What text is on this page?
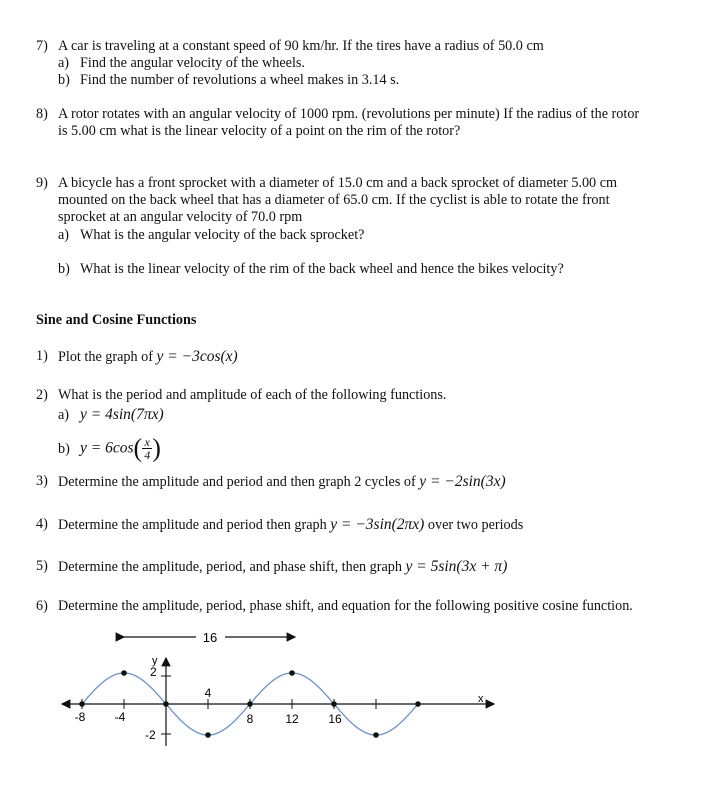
7) A car is traveling at a constant speed of 90 km/hr. If the tires have a radius of 50.0 cm
a) Find the angular velocity of the wheels.
b) Find the number of revolutions a wheel makes in 3.14 s.
8) A rotor rotates with an angular velocity of 1000 rpm. (revolutions per minute) If the radius of the rotor
is 5.00 cm what is the linear velocity of a point on the rim of the rotor?
9) A bicycle has a front sprocket with a diameter of 15.0 cm and a back sprocket of diameter 5.00 cm
mounted on the back wheel that has a diameter of 65.0 cm. If the cyclist is able to rotate the front
sprocket at an angular velocity of 70.0 rpm
a) What is the angular velocity of the back sprocket?
b) What is the linear velocity of the rim of the back wheel and hence the bikes velocity?
Sine and Cosine Functions
1) Plot the graph of y = −3cos(x)
2) What is the period and amplitude of each of the following functions.
a) y = 4sin(7πx)
b) $y = 6\cos( \frac{x}{4}$ )
3) Determine the amplitude and period and then graph 2 cycles of y = −2sin(3x)
4) Determine the amplitude and period then graph y = −3sin(2πx) over two periods
5) Determine the amplitude, period, and phase shift, then graph y = 5sin(3x + π)
6) Determine the amplitude, period, phase shift, and equation for the following positive cosine function.
16
x
y
2
-2
-8 -4
4
8	12 16
